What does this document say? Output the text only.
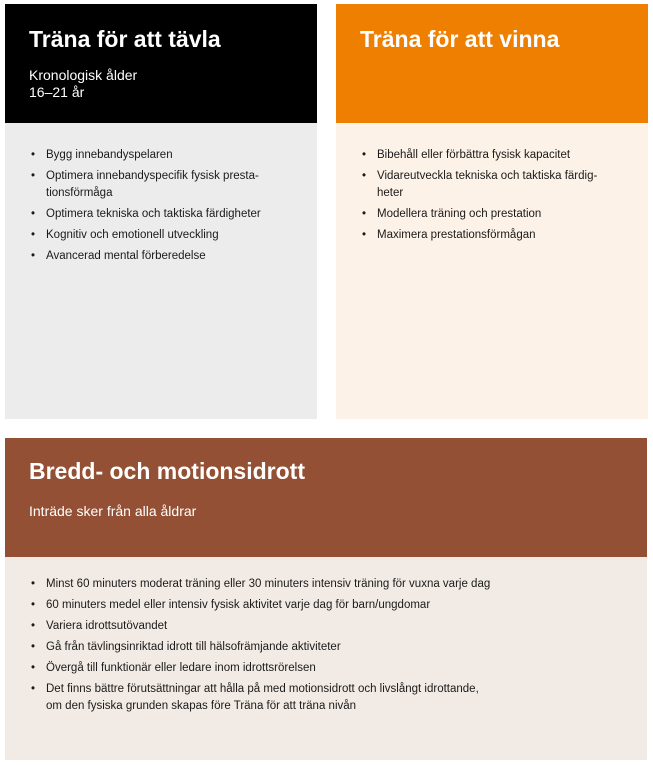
Träna för att tävla

Kronologisk ålder

16–21 år

• Bygg innebandyspelaren
• Optimera innebandyspecifik fysisk presta-
tionsförmåga
• Optimera tekniska och taktiska färdigheter
• Kognitiv och emotionell utveckling
• Avancerad mental förberedelse
Träna för att vinna
• Bibehåll eller förbättra fysisk kapacitet
• Vidareutveckla tekniska och taktiska färdig-
heter
• Modellera träning och prestation
• Maximera prestationsförmågan
Bredd- och motionsidrott

Inträde sker från alla åldrar

• Minst 60 minuters moderat träning eller 30 minuters intensiv träning för vuxna varje dag
• 60 minuters medel eller intensiv fysisk aktivitet varje dag för barn/ungdomar
• Variera idrottsutövandet
• Gå från tävlingsinriktad idrott till hälsofrämjande aktiviteter
• Övergå till funktionär eller ledare inom idrottsrörelsen
• Det finns bättre förutsättningar att hålla på med motionsidrott och livslångt idrottande,
om den fysiska grunden skapas före Träna för att träna nivån
